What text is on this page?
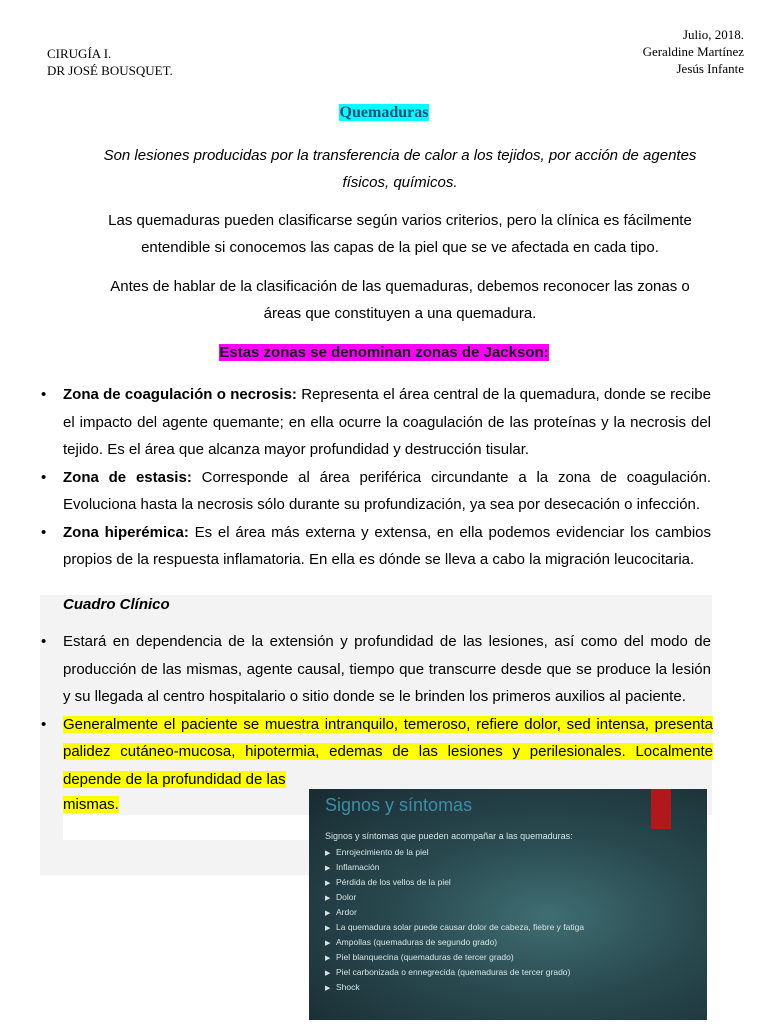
CIRUGÍA I.
DR JOSÉ BOUSQUET.
Julio, 2018.
Geraldine Martínez
Jesús Infante
Quemaduras
Son lesiones producidas por la transferencia de calor a los tejidos, por acción de agentes físicos, químicos.
Las quemaduras pueden clasificarse según varios criterios, pero la clínica es fácilmente entendible si conocemos las capas de la piel que se ve afectada en cada tipo.
Antes de hablar de la clasificación de las quemaduras, debemos reconocer las zonas o áreas que constituyen a una quemadura.
Estas zonas se denominan zonas de Jackson:
• Zona de coagulación o necrosis: Representa el área central de la quemadura, donde se recibe el impacto del agente quemante; en ella ocurre la coagulación de las proteínas y la necrosis del tejido. Es el área que alcanza mayor profundidad y destrucción tisular.
• Zona de estasis: Corresponde al área periférica circundante a la zona de coagulación. Evoluciona hasta la necrosis sólo durante su profundización, ya sea por desecación o infección.
• Zona hiperémica: Es el área más externa y extensa, en ella podemos evidenciar los cambios propios de la respuesta inflamatoria. En ella es dónde se lleva a cabo la migración leucocitaria.
Cuadro Clínico
• Estará en dependencia de la extensión y profundidad de las lesiones, así como del modo de producción de las mismas, agente causal, tiempo que transcurre desde que se produce la lesión y su llegada al centro hospitalario o sitio donde se le brinden los primeros auxilios al paciente.
• Generalmente el paciente se muestra intranquilo, temeroso, refiere dolor, sed intensa, presenta palidez cutáneo-mucosa, hipotermia, edemas de las lesiones y perilesionales. Localmente depende de la profundidad de las
mismas.	Signos y síntomas
Signos y síntomas que pueden acompañar a las quemaduras:
▶ Enrojecimiento de la piel
▶ Inflamación
▶ Pérdida de los vellos de la piel
▶ Dolor
▶ Ardor
▶ La quemadura solar puede causar dolor de cabeza, fiebre y fatiga
▶ Ampollas (quemaduras de segundo grado)
▶ Piel blanquecina (quemaduras de tercer grado)
▶ Piel carbonizada o ennegrecida (quemaduras de tercer grado)
▶ Shock
